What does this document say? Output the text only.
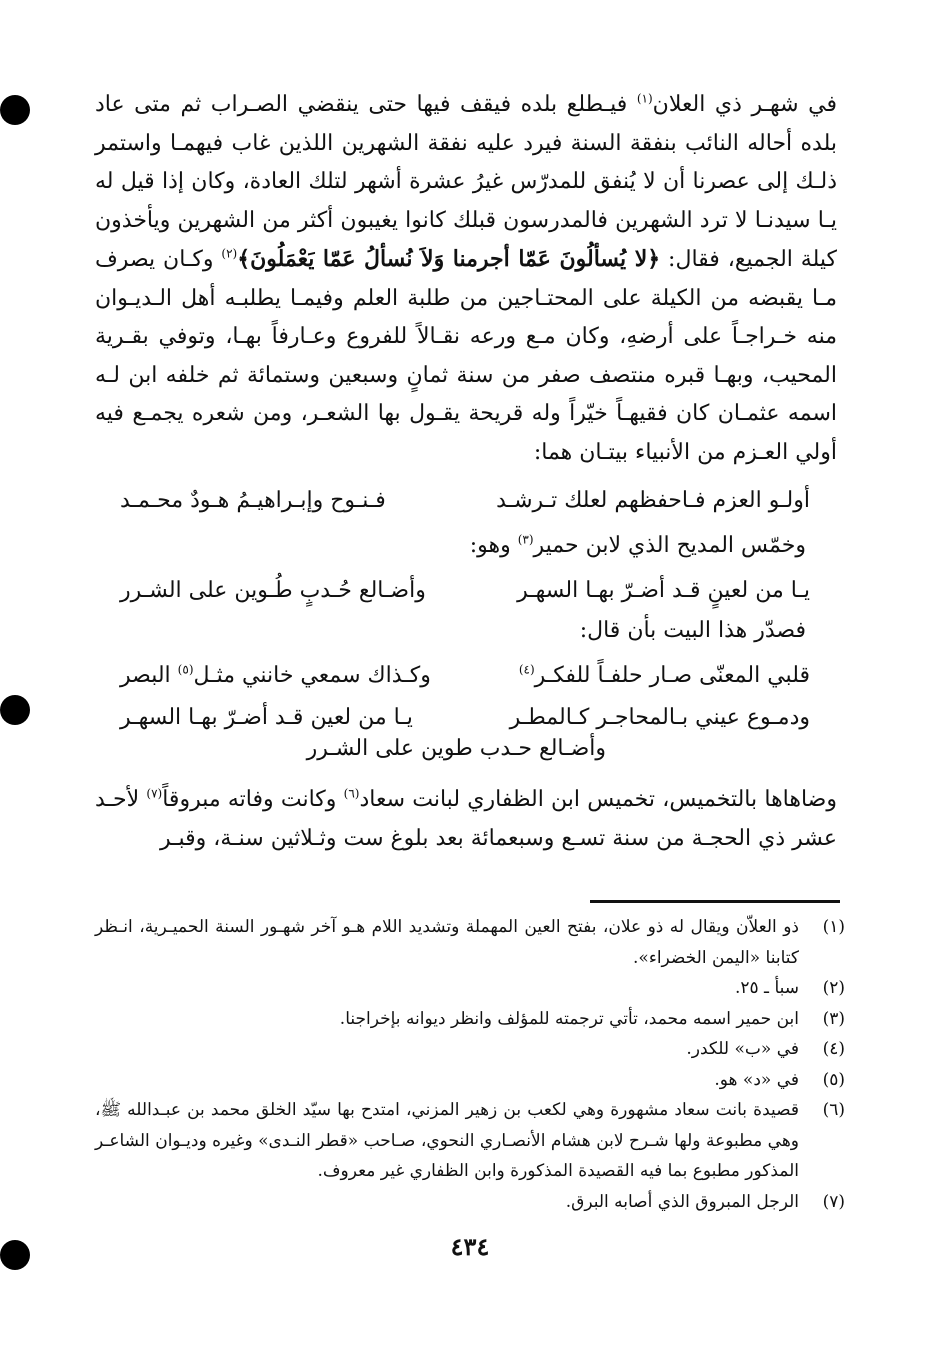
في شهـر ذي العلان$^{(١)}$ فيـطلع بلده فيقف فيها حتى ينقضي الصـراب ثم متى عاد بلده أحاله النائب بنفقة السنة فيرد عليه نفقة الشهرين اللذين غاب فيهمـا واستمر ذلـك إلى عصرنا أن لا يُنفق للمدرّس غيرُ عشرة أشهر لتلك العادة، وكان إذا قيل له يـا سيدنـا لا ترد الشهرين فالمدرسون قبلك كانوا يغيبون أكثر من الشهرين ويأخذون كيلة الجميع، فقال: ﴿لا يُسألُونَ عَمّا أجرمنا وَلاَ نُسألُ عَمّا يَعْمَلُونَ﴾$^{(٢)}$ وكـان يصرف مـا يقبضه من الكيلة على المحتـاجين من طلبة العلم وفيمـا يطلبـه أهل الـديـوان منه خـراجـاً على أرضهِ، وكان مـع ورعه نقـالاً للفروع وعـارفاً بهـا، وتوفي بقـرية المحيب، وبهـا قبره منتصف صفر من سنة ثمانٍ وسبعين وستمائة ثم خلفه ابن لـه اسمه عثمـان كان فقيهـاً خيّراً وله قريحة يقـول بها الشعـر، ومن شعره يجمـع فيه أولي العـزم من الأنبياء بيتـان هما:

أولـو العزم فـاحفظهم لعلك تـرشـد
فـنـوح وإبـراهيـمُ هـودٌ محـمـد
وخمّس المديح الذي لابن حمير$^{(٣)}$ وهو:
يـا من لعينٍ قـد أضـرّ بهـا السهـر
وأضـالع حُـدبٍ طُـوين على الشـرر
فصدّر هذا البيت بأن قال:
قلبي المعنّى صـار حلفـاً للفكـر$^{(٤)}$
وكـذاك سمعي خانني مثـل$^{(٥)}$ البصر
ودمـوع عيني بـالمحاجـر كـالمطـر
يـا من لعين قـد أضـرّ بهـا السهـر
وأضـالع حـدب طوين على الشـرر

وضاهاها بالتخميس، تخميس ابن الظفاري لبانت سعاد$^{(٦)}$ وكانت وفاته مبروقاً$^{(٧)}$ لأحـد عشر ذي الحجـة من سنة تسـع وسبعمائة بعد بلوغ ست وثـلاثين سنـة، وقبـر

(١)
ذو العلاّن ويقال له ذو علان، بفتح العين المهملة وتشديد اللام هـو آخر شهـور السنة الحميـرية، انـظر كتابنا «اليمن الخضراء».
(٢)
سبأ ـ ٢٥.
(٣)
ابن حمير اسمه محمد، تأتي ترجمته للمؤلف وانظر ديوانه بإخراجنا.
(٤)
في «ب» للكدر.
(٥)
في «د» هو.
(٦)
قصيدة بانت سعاد مشهورة وهي لكعب بن زهير المزني، امتدح بها سيّد الخلق محمد بن عبـدالله ﷺ، وهي مطبوعة ولها شـرح لابن هشام الأنصـاري النحوي، صـاحب «قطر النـدى» وغيره وديـوان الشاعـر المذكور مطبوع بما فيه القصيدة المذكورة وابن الظفاري غير معروف.
(٧)
الرجل المبروق الذي أصابه البرق.
٤٣٤
